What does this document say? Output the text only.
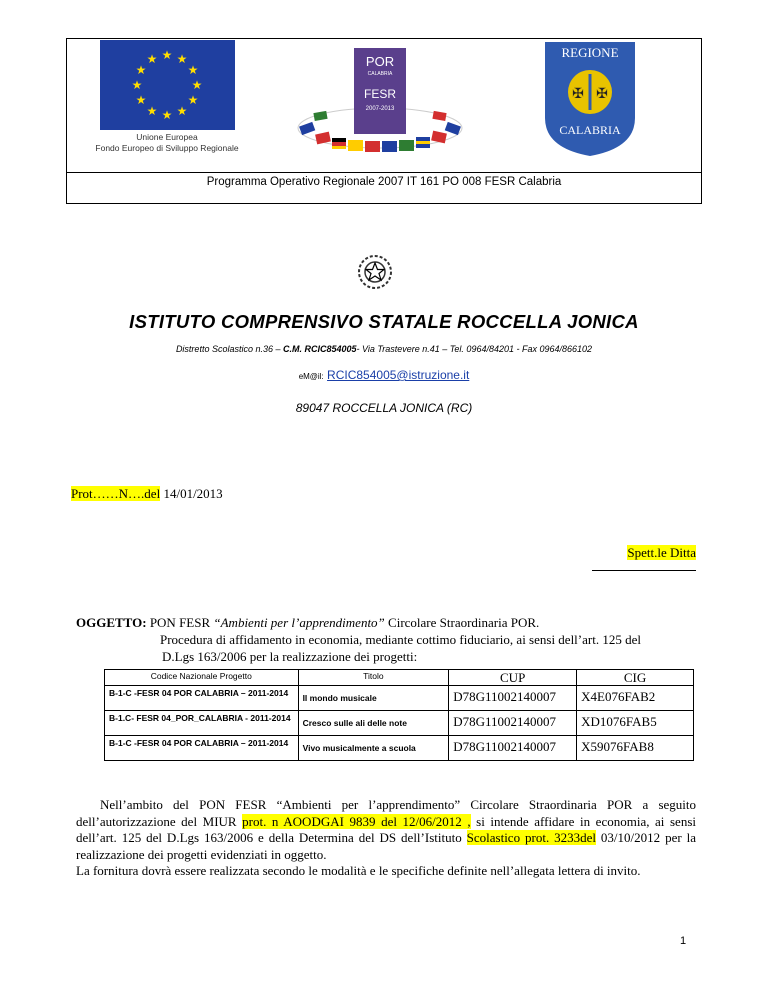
★ ★
★
★
★
★
★
★
★
★
★
★
Unione Europea
Fondo Europeo di Sviluppo Regionale
POR
CALABRIA
FESR
2007-2013
REGIONE
✠ ✠
CALABRIA
Programma Operativo Regionale 2007 IT 161 PO 008 FESR Calabria
ISTITUTO COMPRENSIVO STATALE ROCCELLA JONICA
Distretto Scolastico n.36 – C.M. RCIC854005- Via Trastevere n.41 – Tel. 0964/84201 - Fax 0964/866102
eM@il: RCIC854005@istruzione.it
89047 ROCCELLA JONICA (RC)
Prot……N….del 14/01/2013
Spett.le Ditta
OGGETTO: PON FESR “Ambienti per l’apprendimento” Circolare Straordinaria POR.
Procedura di affidamento in economia, mediante cottimo fiduciario, ai sensi dell’art. 125 del
D.Lgs 163/2006 per la realizzazione dei progetti:
Codice Nazionale Progetto	Titolo	CUP	CIG
B-1-C -FESR 04 POR CALABRIA – 2011-2014	Il mondo musicale	D78G11002140007	X4E076FAB2
B-1.C- FESR 04_POR_CALABRIA - 2011-2014	Cresco sulle ali delle note	D78G11002140007	XD1076FAB5
B-1-C -FESR 04 POR CALABRIA – 2011-2014	Vivo musicalmente a scuola	D78G11002140007	X59076FAB8

Nell’ambito del PON FESR “Ambienti per l’apprendimento” Circolare Straordinaria POR a seguito dell’autorizzazione del MIUR prot. n AOODGAI 9839 del 12/06/2012 , si intende affidare in economia, ai sensi dell’art. 125 del D.Lgs 163/2006 e della Determina del DS dell’Istituto Scolastico prot. 3233del 03/10/2012 per la realizzazione dei progetti evidenziati in oggetto.

La fornitura dovrà essere realizzata secondo le modalità e le specifiche definite nell’allegata lettera di invito.

1
